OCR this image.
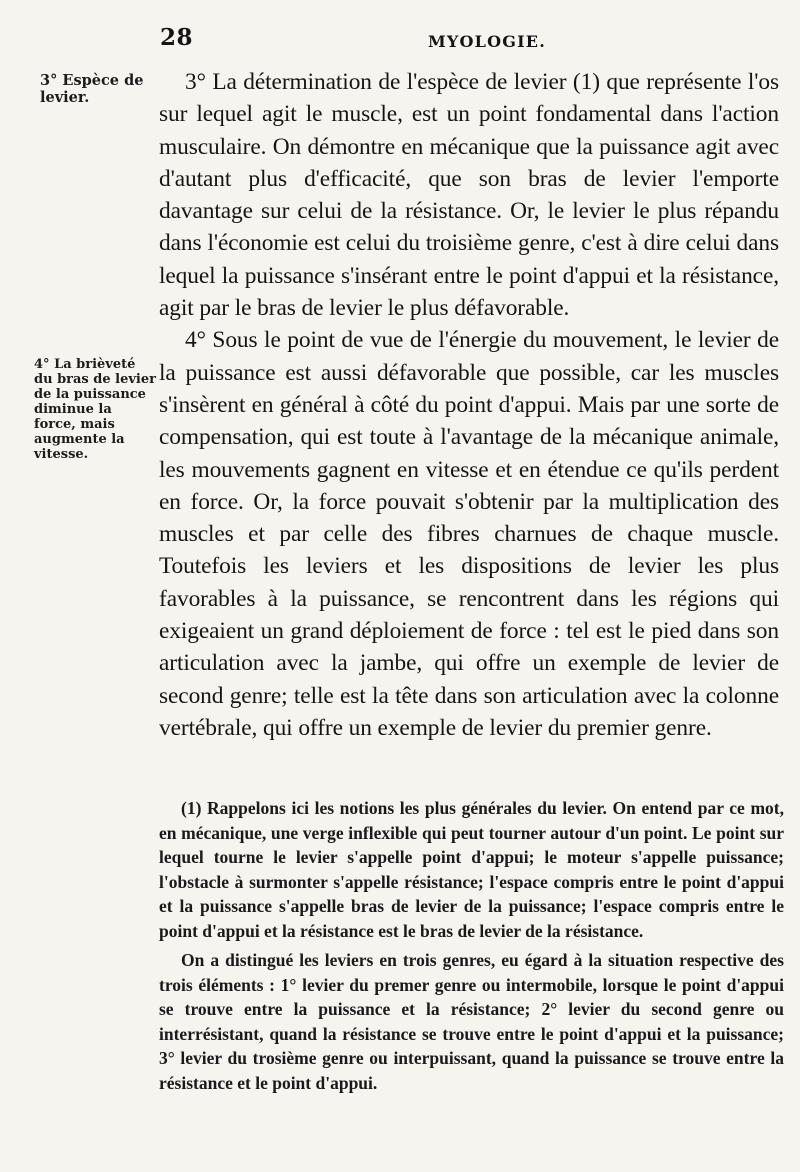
28	MYOLOGIE.
3° Espèce de levier.
4° La brièveté du bras de levier de la puissance diminue la force, mais augmente la vitesse.

3° La détermination de l'espèce de levier (1) que représente l'os sur lequel agit le muscle, est un point fondamental dans l'action musculaire. On démontre en mécanique que la puissance agit avec d'autant plus d'efficacité, que son bras de levier l'emporte davantage sur celui de la résistance. Or, le levier le plus répandu dans l'économie est celui du troisième genre, c'est à dire celui dans lequel la puissance s'insérant entre le point d'appui et la résistance, agit par le bras de levier le plus défavorable.

4° Sous le point de vue de l'énergie du mouvement, le levier de la puissance est aussi défavorable que possible, car les muscles s'insèrent en général à côté du point d'appui. Mais par une sorte de compensation, qui est toute à l'avantage de la mécanique animale, les mouvements gagnent en vitesse et en étendue ce qu'ils perdent en force. Or, la force pouvait s'obtenir par la multiplication des muscles et par celle des fibres charnues de chaque muscle. Toutefois les leviers et les dispositions de levier les plus favorables à la puissance, se rencontrent dans les régions qui exigeaient un grand déploiement de force : tel est le pied dans son articulation avec la jambe, qui offre un exemple de levier de second genre; telle est la tête dans son articulation avec la colonne vertébrale, qui offre un exemple de levier du premier genre.

(1) Rappelons ici les notions les plus générales du levier. On entend par ce mot, en mécanique, une verge inflexible qui peut tourner autour d'un point. Le point sur lequel tourne le levier s'appelle point d'appui; le moteur s'appelle puissance; l'obstacle à surmonter s'appelle résistance; l'espace compris entre le point d'appui et la puissance s'appelle bras de levier de la puissance; l'espace compris entre le point d'appui et la résistance est le bras de levier de la résistance.

On a distingué les leviers en trois genres, eu égard à la situation respective des trois éléments : 1° levier du premer genre ou intermobile, lorsque le point d'appui se trouve entre la puissance et la résistance; 2° levier du second genre ou interrésistant, quand la résistance se trouve entre le point d'appui et la puissance; 3° levier du trosième genre ou interpuissant, quand la puissance se trouve entre la résistance et le point d'appui.
